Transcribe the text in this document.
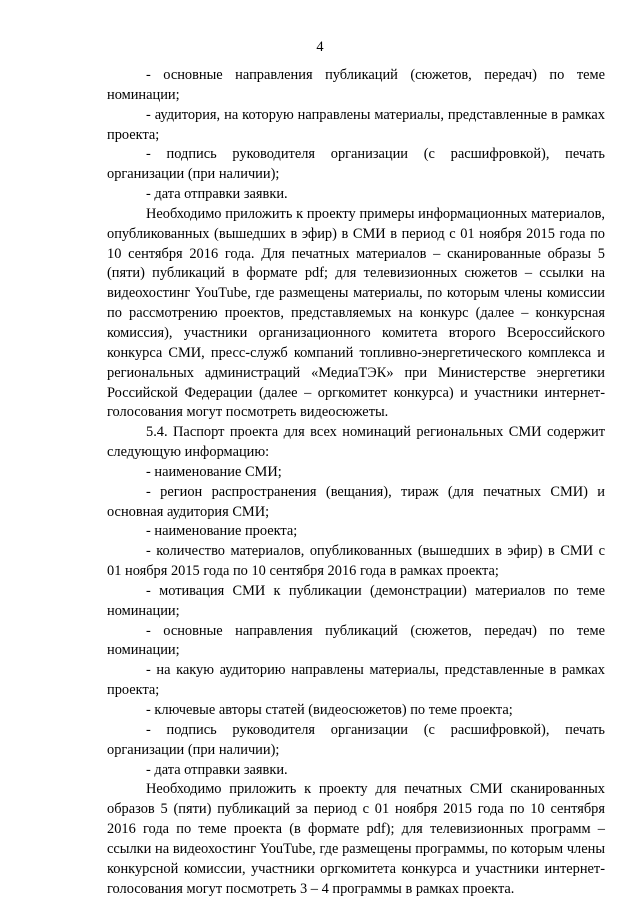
4

- основные направления публикаций (сюжетов, передач) по теме номинации;

- аудитория, на которую направлены материалы, представленные в рамках проекта;

- подпись руководителя организации (с расшифровкой), печать организации (при наличии);

- дата отправки заявки.

Необходимо приложить к проекту примеры информационных материалов, опубликованных (вышедших в эфир) в СМИ в период с 01 ноября 2015 года по 10 сентября 2016 года. Для печатных материалов – сканированные образы 5 (пяти) публикаций в формате pdf; для телевизионных сюжетов – ссылки на видеохостинг YouTube, где размещены материалы, по которым члены комиссии по рассмотрению проектов, представляемых на конкурс (далее – конкурсная комиссия), участники организационного комитета второго Всероссийского конкурса СМИ, пресс-служб компаний топливно-энергетического комплекса и региональных администраций «МедиаТЭК» при Министерстве энергетики Российской Федерации (далее – оргкомитет конкурса) и участники интернет-голосования могут посмотреть видеосюжеты.

5.4. Паспорт проекта для всех номинаций региональных СМИ содержит следующую информацию:

- наименование СМИ;

- регион распространения (вещания), тираж (для печатных СМИ) и основная аудитория СМИ;

- наименование проекта;

- количество материалов, опубликованных (вышедших в эфир) в СМИ с 01 ноября 2015 года по 10 сентября 2016 года в рамках проекта;

- мотивация СМИ к публикации (демонстрации) материалов по теме номинации;

- основные направления публикаций (сюжетов, передач) по теме номинации;

- на какую аудиторию направлены материалы, представленные в рамках проекта;

- ключевые авторы статей (видеосюжетов) по теме проекта;

- подпись руководителя организации (с расшифровкой), печать организации (при наличии);

- дата отправки заявки.

Необходимо приложить к проекту для печатных СМИ сканированных образов 5 (пяти) публикаций за период с 01 ноября 2015 года по 10 сентября 2016 года по теме проекта (в формате pdf); для телевизионных программ – ссылки на видеохостинг YouTube, где размещены программы, по которым члены конкурсной комиссии, участники оргкомитета конкурса и участники интернет-голосования могут посмотреть 3 – 4 программы в рамках проекта.
